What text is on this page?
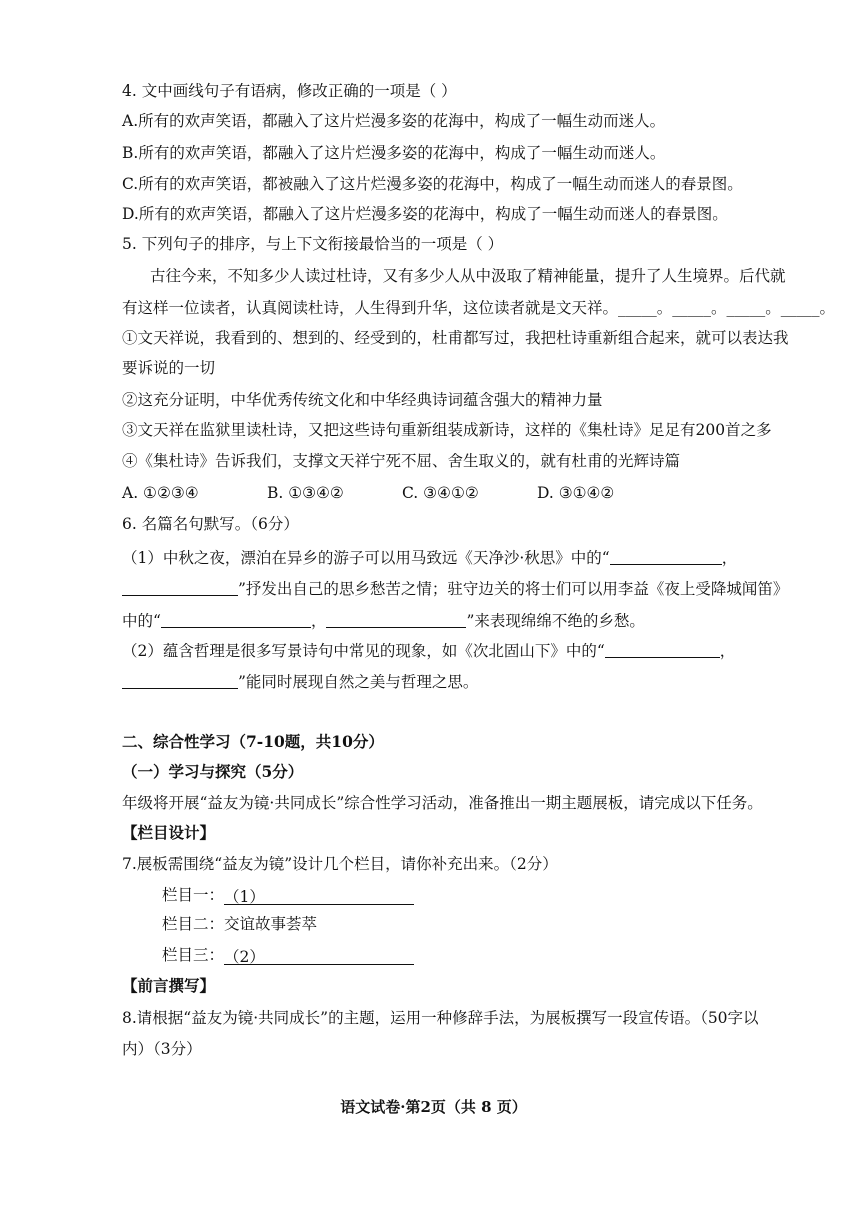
4. 文中画线句子有语病，修改正确的一项是（ ）
A.所有的欢声笑语，都融入了这片烂漫多姿的花海中，构成了一幅生动而迷人。
B.所有的欢声笑语，都融入了这片烂漫多姿的花海中，构成了一幅生动而迷人。
C.所有的欢声笑语，都被融入了这片烂漫多姿的花海中，构成了一幅生动而迷人的春景图。
D.所有的欢声笑语，都融入了这片烂漫多姿的花海中，构成了一幅生动而迷人的春景图。
5. 下列句子的排序，与上下文衔接最恰当的一项是（ ）
古往今来，不知多少人读过杜诗，又有多少人从中汲取了精神能量，提升了人生境界。后代就
有这样一位读者，认真阅读杜诗，人生得到升华，这位读者就是文天祥。_____。_____。_____。_____。
①文天祥说，我看到的、想到的、经受到的，杜甫都写过，我把杜诗重新组合起来，就可以表达我
要诉说的一切
②这充分证明，中华优秀传统文化和中华经典诗词蕴含强大的精神力量
③文天祥在监狱里读杜诗，又把这些诗句重新组装成新诗，这样的《集杜诗》足足有200首之多
④《集杜诗》告诉我们，支撑文天祥宁死不屈、舍生取义的，就有杜甫的光辉诗篇
A. ①②③④	B. ①③④②	C. ③④①②	D. ③①④②
6. 名篇名句默写。（6分）
（1）中秋之夜，漂泊在异乡的游子可以用马致远《天净沙·秋思》中的“	，
”抒发出自己的思乡愁苦之情；驻守边关的将士们可以用李益《夜上受降城闻笛》
中的“	，	”来表现绵绵不绝的乡愁。
（2）蕴含哲理是很多写景诗句中常见的现象，如《次北固山下》中的“	，
”能同时展现自然之美与哲理之思。
二、综合性学习（7-10题，共10分）
（一）学习与探究（5分）
年级将开展“益友为镜·共同成长”综合性学习活动，准备推出一期主题展板，请完成以下任务。
【栏目设计】
7.展板需围绕“益友为镜”设计几个栏目，请你补充出来。（2分）
栏目一：（1）
栏目二：交谊故事荟萃
栏目三：（2）
【前言撰写】
8.请根据“益友为镜·共同成长”的主题，运用一种修辞手法，为展板撰写一段宣传语。（50字以
内）（3分）
语文试卷·第2页（共 8 页）
